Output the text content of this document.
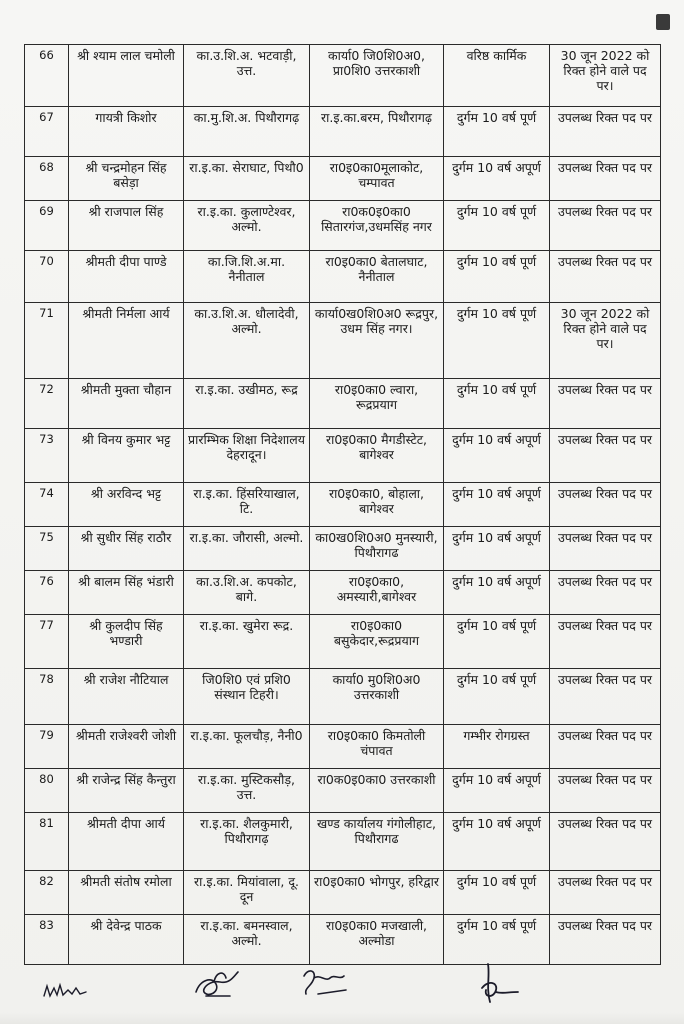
66	श्री श्याम लाल चमोली	का.उ.शि.अ. भटवाड़ी, उत्त.	कार्या0 जि0शि0अ0, प्रा0शि0 उत्तरकाशी	वरिष्ठ कार्मिक	30 जून 2022 को रिक्त होने वाले पद पर।
67	गायत्री किशोर	का.मु.शि.अ. पिथौरागढ़	रा.इ.का.बरम, पिथौरागढ़	दुर्गम 10 वर्ष पूर्ण	उपलब्ध रिक्त पद पर
68	श्री चन्द्रमोहन सिंह बसेड़ा	रा.इ.का. सेराघाट, पिथौ0	रा0इ0का0मूलाकोट, चम्पावत	दुर्गम 10 वर्ष अपूर्ण	उपलब्ध रिक्त पद पर
69	श्री राजपाल सिंह	रा.इ.का. कुलाण्टेश्वर, अल्मो.	रा0क0इ0का0 सितारगंज,उधमसिंह नगर	दुर्गम 10 वर्ष पूर्ण	उपलब्ध रिक्त पद पर
70	श्रीमती दीपा पाण्डे	का.जि.शि.अ.मा. नैनीताल	रा0इ0का0 बेतालघाट, नैनीताल	दुर्गम 10 वर्ष पूर्ण	उपलब्ध रिक्त पद पर
71	श्रीमती निर्मला आर्य	का.उ.शि.अ. धौलादेवी, अल्मो.	कार्या0ख0शि0अ0 रूद्रपुर, उधम सिंह नगर।	दुर्गम 10 वर्ष पूर्ण	30 जून 2022 को रिक्त होने वाले पद पर।
72	श्रीमती मुक्ता चौहान	रा.इ.का. उखीमठ, रूद्र	रा0इ0का0 ल्वारा, रूद्रप्रयाग	दुर्गम 10 वर्ष पूर्ण	उपलब्ध रिक्त पद पर
73	श्री विनय कुमार भट्ट	प्रारम्भिक शिक्षा निदेशालय देहरादून।	रा0इ0का0 मैगडीस्टेट, बागेश्वर	दुर्गम 10 वर्ष अपूर्ण	उपलब्ध रिक्त पद पर
74	श्री अरविन्द भट्ट	रा.इ.का. हिंसरियाखाल, टि.	रा0इ0का0, बोहाला, बागेश्वर	दुर्गम 10 वर्ष अपूर्ण	उपलब्ध रिक्त पद पर
75	श्री सुधीर सिंह राठौर	रा.इ.का. जौरासी, अल्मो.	का0ख0शि0अ0 मुनस्यारी, पिथौरागढ	दुर्गम 10 वर्ष अपूर्ण	उपलब्ध रिक्त पद पर
76	श्री बालम सिंह भंडारी	का.उ.शि.अ. कपकोट, बागे.	रा0इ0का0, अमस्यारी,बागेश्वर	दुर्गम 10 वर्ष अपूर्ण	उपलब्ध रिक्त पद पर
77	श्री कुलदीप सिंह भण्डारी	रा.इ.का. खुमेरा रूद्र.	रा0इ0का0 बसुकेदार,रूद्रप्रयाग	दुर्गम 10 वर्ष पूर्ण	उपलब्ध रिक्त पद पर
78	श्री राजेश नौटियाल	जि0शि0 एवं प्रशि0 संस्थान टिहरी।	कार्या0 मु0शि0अ0 उत्तरकाशी	दुर्गम 10 वर्ष पूर्ण	उपलब्ध रिक्त पद पर
79	श्रीमती राजेश्वरी जोशी	रा.इ.का. फूलचौड़, नैनी0	रा0इ0का0 किमतोली चंपावत	गम्भीर रोगग्रस्त	उपलब्ध रिक्त पद पर
80	श्री राजेन्द्र सिंह कैन्तुरा	रा.इ.का. मुस्टिकसौड़, उत्त.	रा0क0इ0का0 उत्तरकाशी	दुर्गम 10 वर्ष अपूर्ण	उपलब्ध रिक्त पद पर
81	श्रीमती दीपा आर्य	रा.इ.का. शैलकुमारी, पिथौरागढ़	खण्ड कार्यालय गंगोलीहाट, पिथौरागढ	दुर्गम 10 वर्ष अपूर्ण	उपलब्ध रिक्त पद पर
82	श्रीमती संतोष रमोला	रा.इ.का. मियांवाला, दू. दून	रा0इ0का0 भोगपुर, हरिद्वार	दुर्गम 10 वर्ष पूर्ण	उपलब्ध रिक्त पद पर
83	श्री देवेन्द्र पाठक	रा.इ.का. बमनस्वाल, अल्मो.	रा0इ0का0 मजखाली, अल्मोडा	दुर्गम 10 वर्ष पूर्ण	उपलब्ध रिक्त पद पर
